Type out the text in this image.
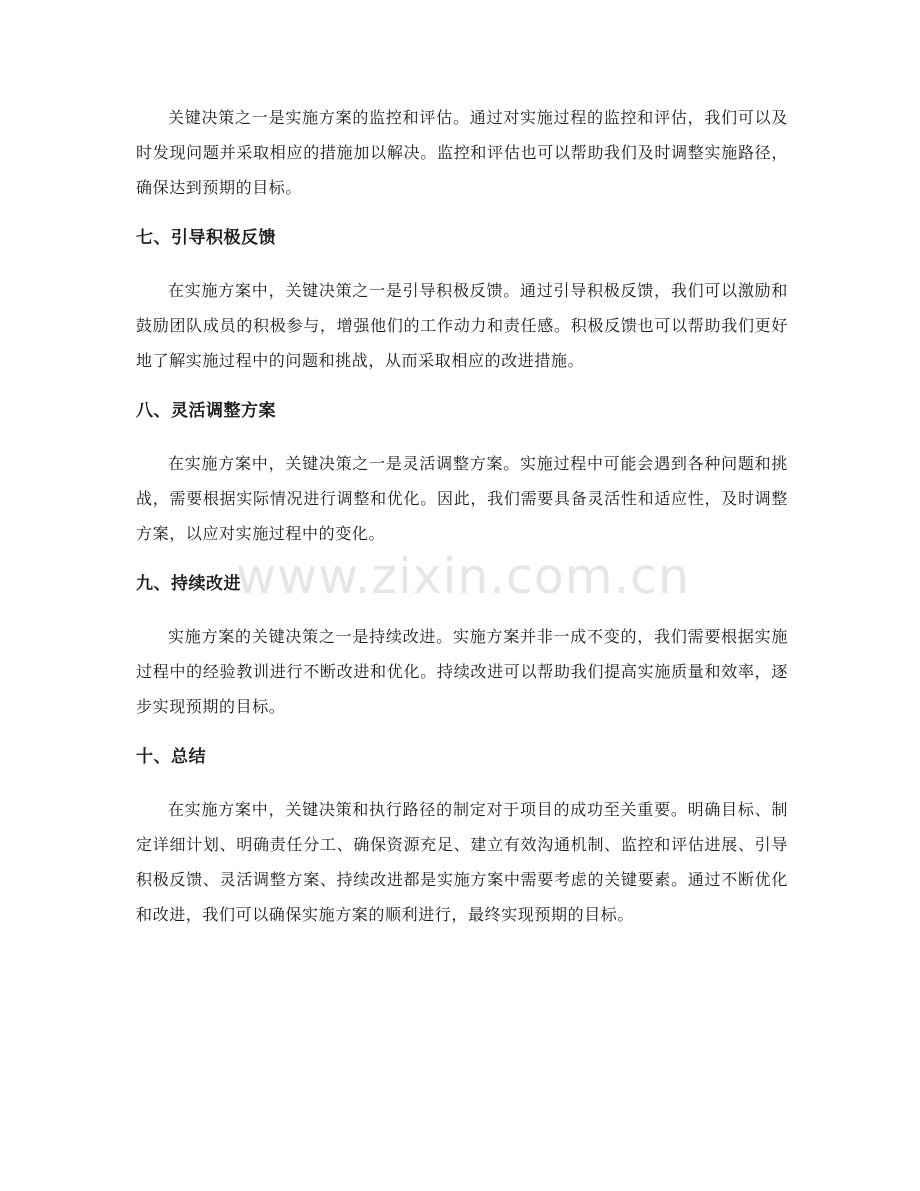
关键决策之一是实施方案的监控和评估。通过对实施过程的监控和评估，我们可以及时发现问题并采取相应的措施加以解决。监控和评估也可以帮助我们及时调整实施路径，确保达到预期的目标。

七、引导积极反馈

在实施方案中，关键决策之一是引导积极反馈。通过引导积极反馈，我们可以激励和鼓励团队成员的积极参与，增强他们的工作动力和责任感。积极反馈也可以帮助我们更好地了解实施过程中的问题和挑战，从而采取相应的改进措施。

八、灵活调整方案

在实施方案中，关键决策之一是灵活调整方案。实施过程中可能会遇到各种问题和挑战，需要根据实际情况进行调整和优化。因此，我们需要具备灵活性和适应性，及时调整方案，以应对实施过程中的变化。

九、持续改进

实施方案的关键决策之一是持续改进。实施方案并非一成不变的，我们需要根据实施过程中的经验教训进行不断改进和优化。持续改进可以帮助我们提高实施质量和效率，逐步实现预期的目标。

十、总结

在实施方案中，关键决策和执行路径的制定对于项目的成功至关重要。明确目标、制定详细计划、明确责任分工、确保资源充足、建立有效沟通机制、监控和评估进展、引导积极反馈、灵活调整方案、持续改进都是实施方案中需要考虑的关键要素。通过不断优化和改进，我们可以确保实施方案的顺利进行，最终实现预期的目标。

www.zixin.com.cn
